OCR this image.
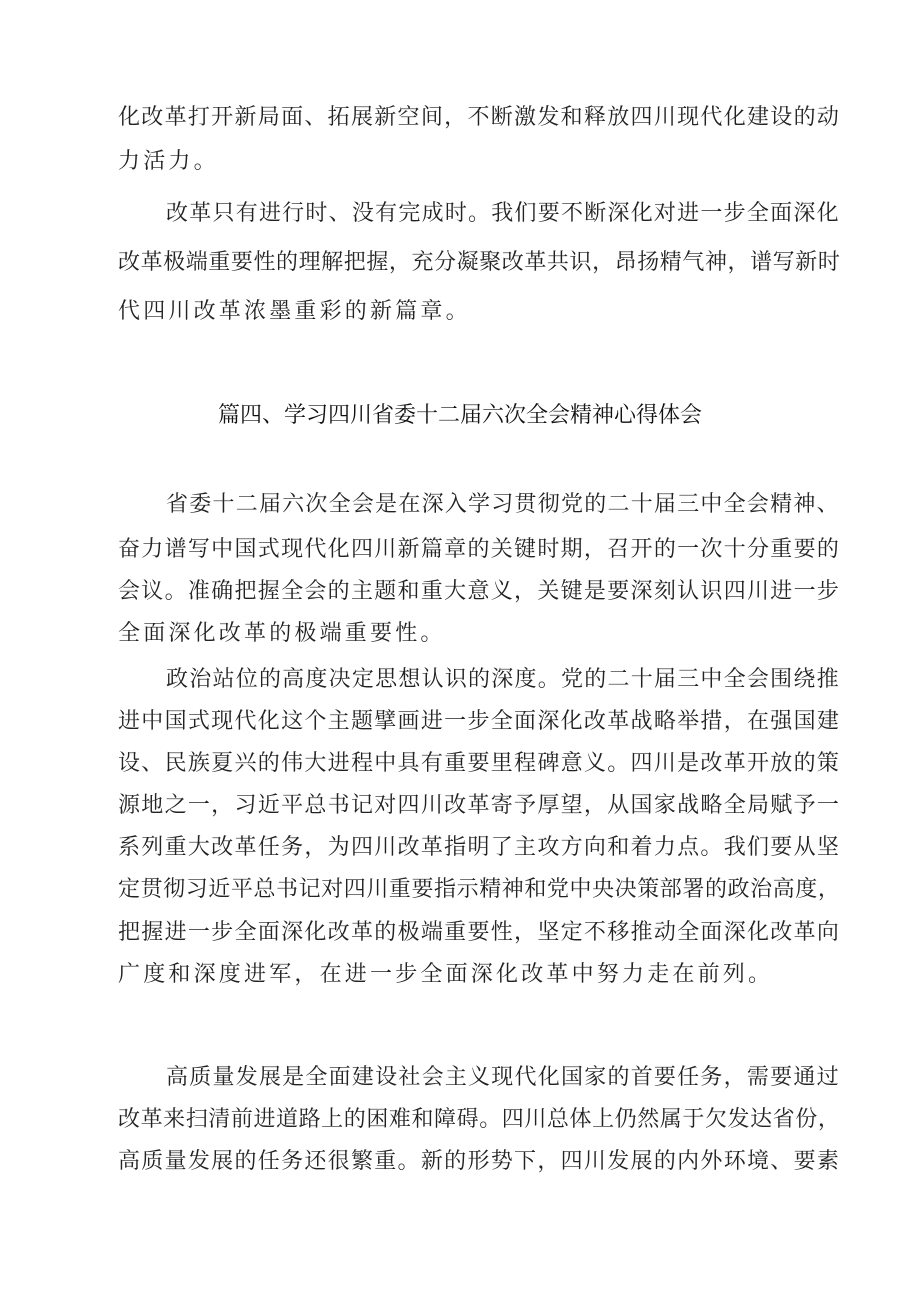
化改革打开新局面、拓展新空间，不断激发和释放四川现代化建设的动

力活力。

改革只有进行时、没有完成时。我们要不断深化对进一步全面深化

改革极端重要性的理解把握，充分凝聚改革共识，昂扬精气神，谱写新时

代四川改革浓墨重彩的新篇章。

篇四、学习四川省委十二届六次全会精神心得体会

省委十二届六次全会是在深入学习贯彻党的二十届三中全会精神、

奋力谱写中国式现代化四川新篇章的关键时期，召开的一次十分重要的

会议。准确把握全会的主题和重大意义，关键是要深刻认识四川进一步

全面深化改革的极端重要性。

政治站位的高度决定思想认识的深度。党的二十届三中全会围绕推

进中国式现代化这个主题擘画进一步全面深化改革战略举措，在强国建

设、民族夏兴的伟大进程中具有重要里程碑意义。四川是改革开放的策

源地之一，习近平总书记对四川改革寄予厚望，从国家战略全局赋予一

系列重大改革任务，为四川改革指明了主攻方向和着力点。我们要从坚

定贯彻习近平总书记对四川重要指示精神和党中央决策部署的政治高度，

把握进一步全面深化改革的极端重要性，坚定不移推动全面深化改革向

广度和深度进军，在进一步全面深化改革中努力走在前列。

高质量发展是全面建设社会主义现代化国家的首要任务，需要通过

改革来扫清前进道路上的困难和障碍。四川总体上仍然属于欠发达省份，

高质量发展的任务还很繁重。新的形势下，四川发展的内外环境、要素
